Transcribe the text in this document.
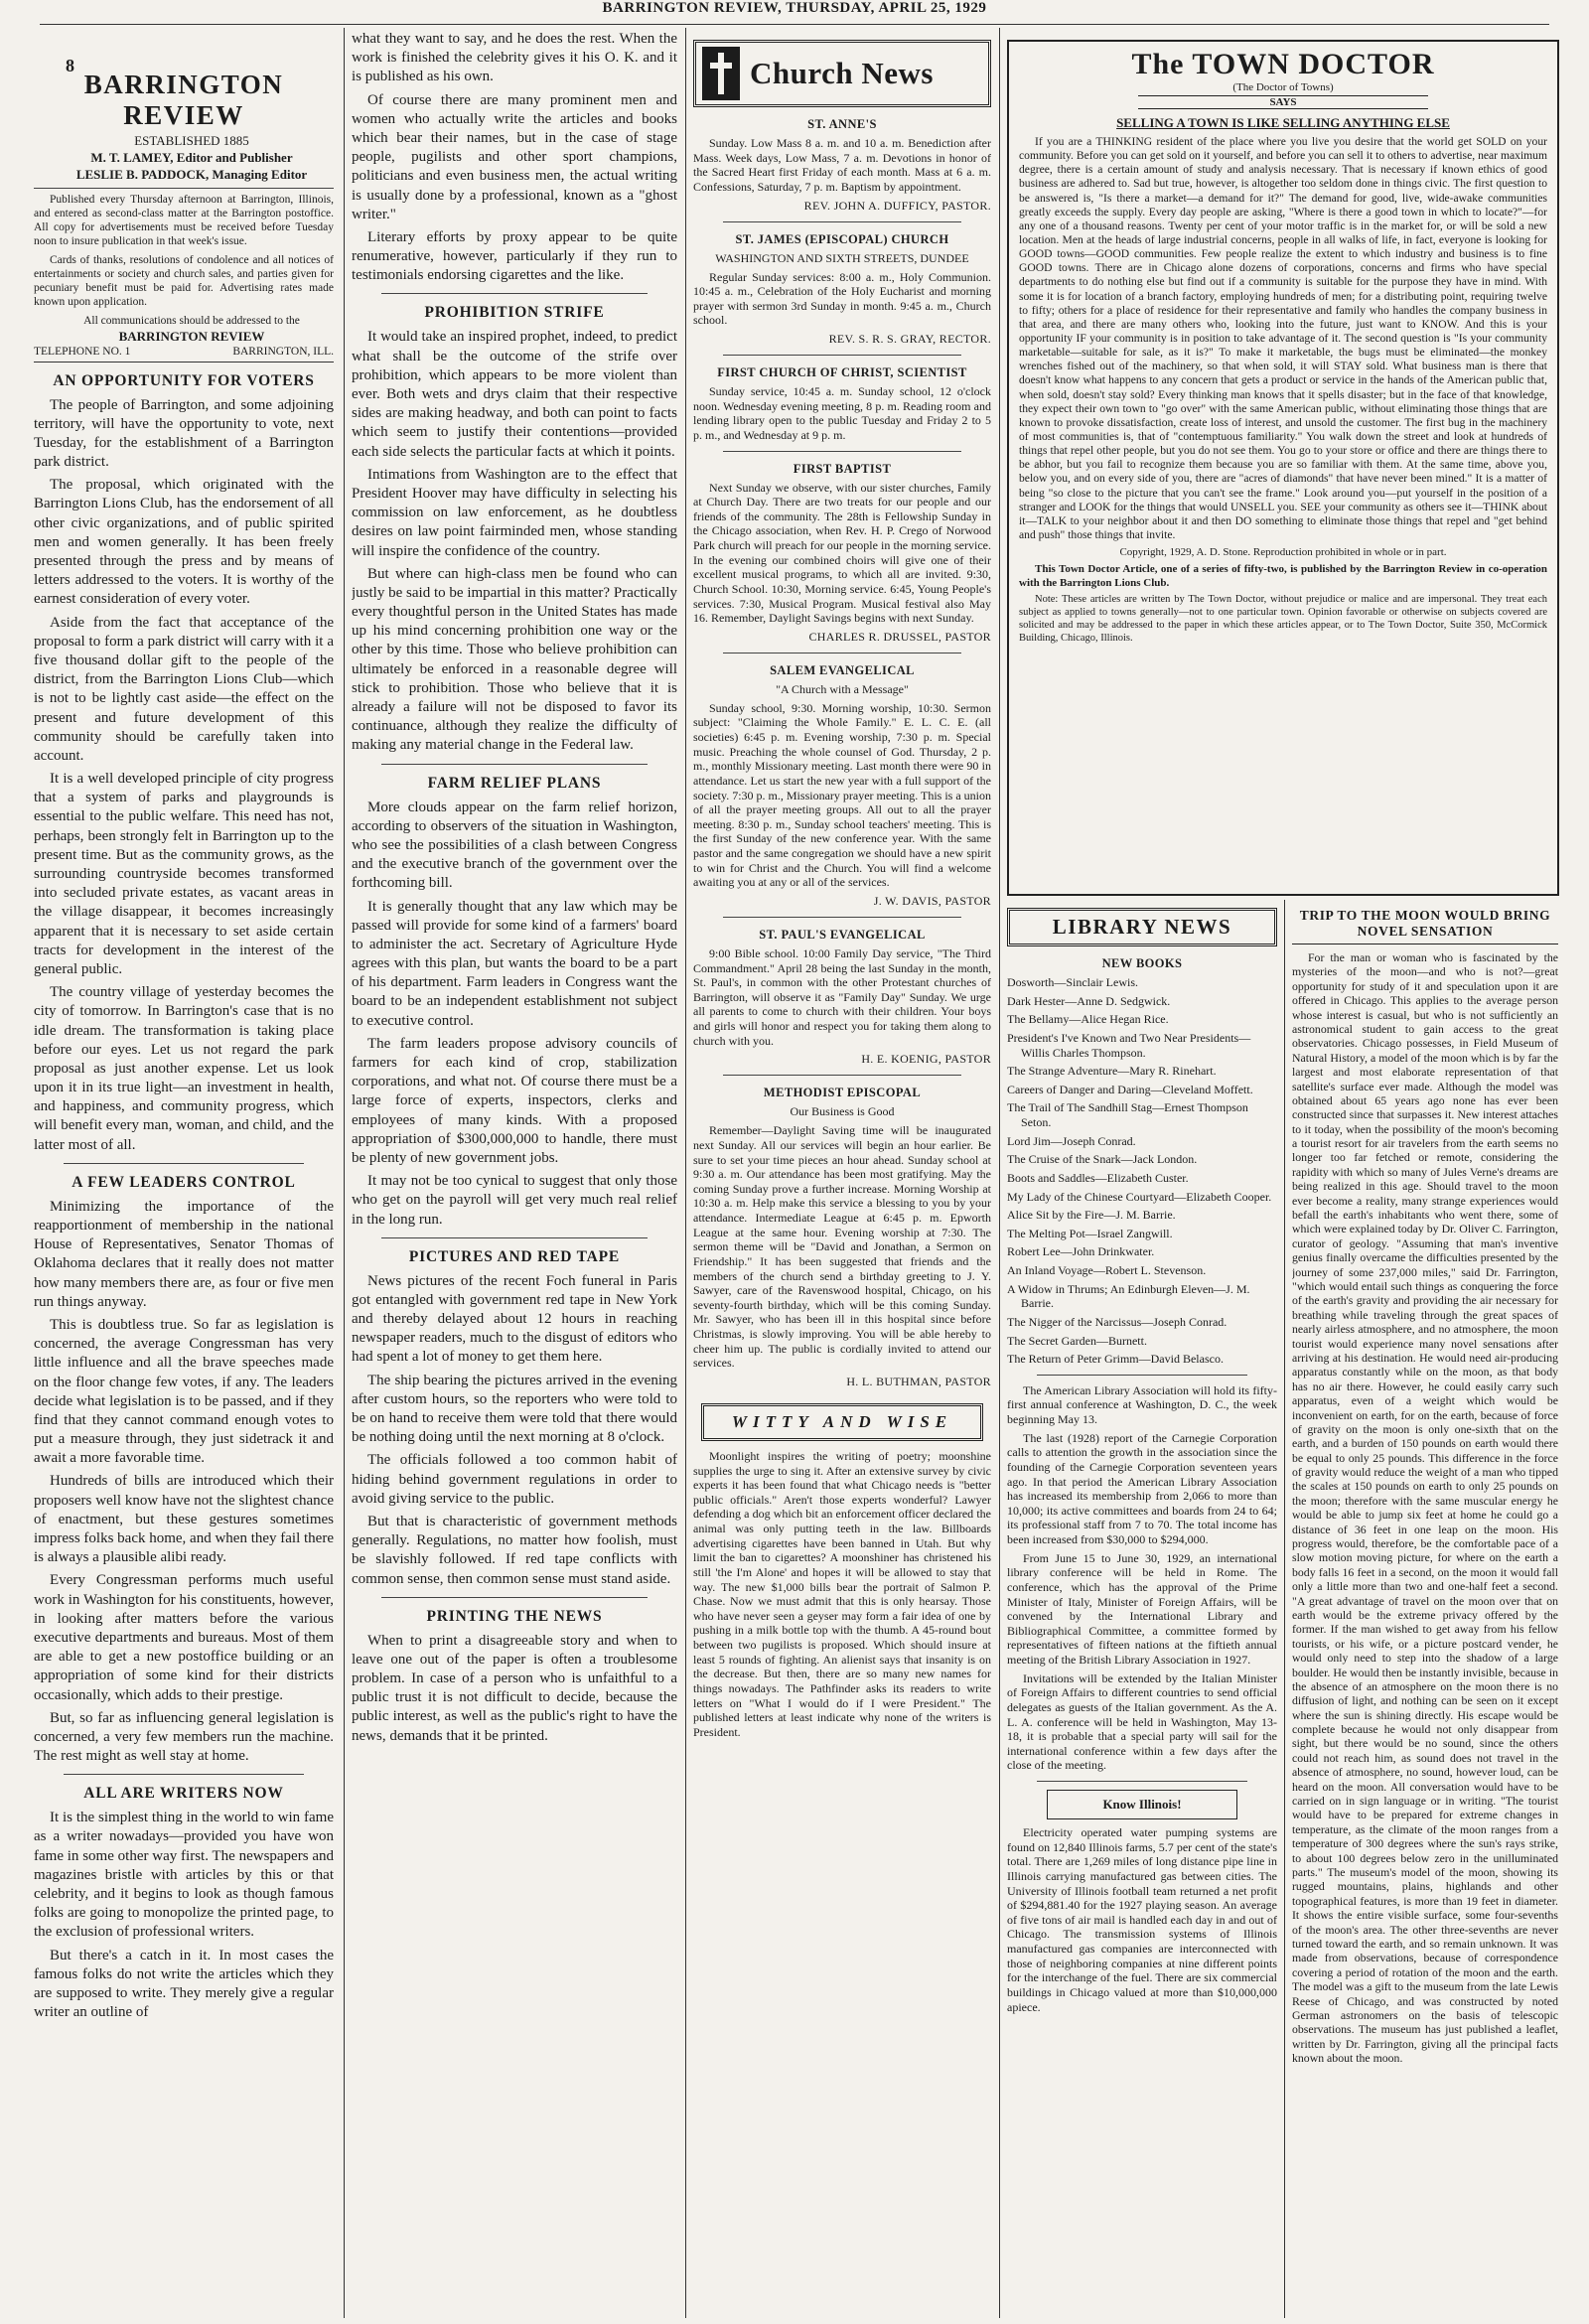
BARRINGTON REVIEW, THURSDAY, APRIL 25, 1929
8
BARRINGTON REVIEW

ESTABLISHED 1885

M. T. LAMEY, Editor and Publisher

LESLIE B. PADDOCK, Managing Editor

Published every Thursday afternoon at Barrington, Illinois, and entered as second-class matter at the Barrington postoffice. All copy for advertisements must be received before Tuesday noon to insure publication in that week's issue.

Cards of thanks, resolutions of condolence and all notices of entertainments or society and church sales, and parties given for pecuniary benefit must be paid for. Advertising rates made known upon application.

All communications should be addressed to the

BARRINGTON REVIEW

TELEPHONE NO. 1	BARRINGTON, ILL.
AN OPPORTUNITY FOR VOTERS

The people of Barrington, and some adjoining territory, will have the opportunity to vote, next Tuesday, for the establishment of a Barrington park district.

The proposal, which originated with the Barrington Lions Club, has the endorsement of all other civic organizations, and of public spirited men and women generally. It has been freely presented through the press and by means of letters addressed to the voters. It is worthy of the earnest consideration of every voter.

Aside from the fact that acceptance of the proposal to form a park district will carry with it a five thousand dollar gift to the people of the district, from the Barrington Lions Club—which is not to be lightly cast aside—the effect on the present and future development of this community should be carefully taken into account.

It is a well developed principle of city progress that a system of parks and playgrounds is essential to the public welfare. This need has not, perhaps, been strongly felt in Barrington up to the present time. But as the community grows, as the surrounding countryside becomes transformed into secluded private estates, as vacant areas in the village disappear, it becomes increasingly apparent that it is necessary to set aside certain tracts for development in the interest of the general public.

The country village of yesterday becomes the city of tomorrow. In Barrington's case that is no idle dream. The transformation is taking place before our eyes. Let us not regard the park proposal as just another expense. Let us look upon it in its true light—an investment in health, and happiness, and community progress, which will benefit every man, woman, and child, and the latter most of all.

A FEW LEADERS CONTROL

Minimizing the importance of the reapportionment of membership in the national House of Representatives, Senator Thomas of Oklahoma declares that it really does not matter how many members there are, as four or five men run things anyway.

This is doubtless true. So far as legislation is concerned, the average Congressman has very little influence and all the brave speeches made on the floor change few votes, if any. The leaders decide what legislation is to be passed, and if they find that they cannot command enough votes to put a measure through, they just sidetrack it and await a more favorable time.

Hundreds of bills are introduced which their proposers well know have not the slightest chance of enactment, but these gestures sometimes impress folks back home, and when they fail there is always a plausible alibi ready.

Every Congressman performs much useful work in Washington for his constituents, however, in looking after matters before the various executive departments and bureaus. Most of them are able to get a new postoffice building or an appropriation of some kind for their districts occasionally, which adds to their prestige.

But, so far as influencing general legislation is concerned, a very few members run the machine. The rest might as well stay at home.

ALL ARE WRITERS NOW

It is the simplest thing in the world to win fame as a writer nowadays—provided you have won fame in some other way first. The newspapers and magazines bristle with articles by this or that celebrity, and it begins to look as though famous folks are going to monopolize the printed page, to the exclusion of professional writers.

But there's a catch in it. In most cases the famous folks do not write the articles which they are supposed to write. They merely give a regular writer an outline of

what they want to say, and he does the rest. When the work is finished the celebrity gives it his O. K. and it is published as his own.

Of course there are many prominent men and women who actually write the articles and books which bear their names, but in the case of stage people, pugilists and other sport champions, politicians and even business men, the actual writing is usually done by a professional, known as a "ghost writer."

Literary efforts by proxy appear to be quite renumerative, however, particularly if they run to testimonials endorsing cigarettes and the like.

PROHIBITION STRIFE

It would take an inspired prophet, indeed, to predict what shall be the outcome of the strife over prohibition, which appears to be more violent than ever. Both wets and drys claim that their respective sides are making headway, and both can point to facts which seem to justify their contentions—provided each side selects the particular facts at which it points.

Intimations from Washington are to the effect that President Hoover may have difficulty in selecting his commission on law enforcement, as he doubtless desires on law point fairminded men, whose standing will inspire the confidence of the country.

But where can high-class men be found who can justly be said to be impartial in this matter? Practically every thoughtful person in the United States has made up his mind concerning prohibition one way or the other by this time. Those who believe prohibition can ultimately be enforced in a reasonable degree will stick to prohibition. Those who believe that it is already a failure will not be disposed to favor its continuance, although they realize the difficulty of making any material change in the Federal law.

FARM RELIEF PLANS

More clouds appear on the farm relief horizon, according to observers of the situation in Washington, who see the possibilities of a clash between Congress and the executive branch of the government over the forthcoming bill.

It is generally thought that any law which may be passed will provide for some kind of a farmers' board to administer the act. Secretary of Agriculture Hyde agrees with this plan, but wants the board to be a part of his department. Farm leaders in Congress want the board to be an independent establishment not subject to executive control.

The farm leaders propose advisory councils of farmers for each kind of crop, stabilization corporations, and what not. Of course there must be a large force of experts, inspectors, clerks and employees of many kinds. With a proposed appropriation of $300,000,000 to handle, there must be plenty of new government jobs.

It may not be too cynical to suggest that only those who get on the payroll will get very much real relief in the long run.

PICTURES AND RED TAPE

News pictures of the recent Foch funeral in Paris got entangled with government red tape in New York and thereby delayed about 12 hours in reaching newspaper readers, much to the disgust of editors who had spent a lot of money to get them here.

The ship bearing the pictures arrived in the evening after custom hours, so the reporters who were told to be on hand to receive them were told that there would be nothing doing until the next morning at 8 o'clock.

The officials followed a too common habit of hiding behind government regulations in order to avoid giving service to the public.

But that is characteristic of government methods generally. Regulations, no matter how foolish, must be slavishly followed. If red tape conflicts with common sense, then common sense must stand aside.

PRINTING THE NEWS

When to print a disagreeable story and when to leave one out of the paper is often a troublesome problem. In case of a person who is unfaithful to a public trust it is not difficult to decide, because the public interest, as well as the public's right to have the news, demands that it be printed.

Church News
ST. ANNE'S

Sunday. Low Mass 8 a. m. and 10 a. m. Benediction after Mass. Week days, Low Mass, 7 a. m. Devotions in honor of the Sacred Heart first Friday of each month. Mass at 6 a. m. Confessions, Saturday, 7 p. m. Baptism by appointment.

REV. JOHN A. DUFFICY, PASTOR.
ST. JAMES (EPISCOPAL) CHURCH
WASHINGTON AND SIXTH STREETS, DUNDEE

Regular Sunday services: 8:00 a. m., Holy Communion. 10:45 a. m., Celebration of the Holy Eucharist and morning prayer with sermon 3rd Sunday in month. 9:45 a. m., Church school.

REV. S. R. S. GRAY, RECTOR.
FIRST CHURCH OF CHRIST, SCIENTIST

Sunday service, 10:45 a. m. Sunday school, 12 o'clock noon. Wednesday evening meeting, 8 p. m. Reading room and lending library open to the public Tuesday and Friday 2 to 5 p. m., and Wednesday at 9 p. m.

FIRST BAPTIST

Next Sunday we observe, with our sister churches, Family at Church Day. There are two treats for our people and our friends of the community. The 28th is Fellowship Sunday in the Chicago association, when Rev. H. P. Crego of Norwood Park church will preach for our people in the morning service. In the evening our combined choirs will give one of their excellent musical programs, to which all are invited. 9:30, Church School. 10:30, Morning service. 6:45, Young People's services. 7:30, Musical Program. Musical festival also May 16. Remember, Daylight Savings begins with next Sunday.

CHARLES R. DRUSSEL, PASTOR
SALEM EVANGELICAL
"A Church with a Message"

Sunday school, 9:30. Morning worship, 10:30. Sermon subject: "Claiming the Whole Family." E. L. C. E. (all societies) 6:45 p. m. Evening worship, 7:30 p. m. Special music. Preaching the whole counsel of God. Thursday, 2 p. m., monthly Missionary meeting. Last month there were 90 in attendance. Let us start the new year with a full support of the society. 7:30 p. m., Missionary prayer meeting. This is a union of all the prayer meeting groups. All out to all the prayer meeting. 8:30 p. m., Sunday school teachers' meeting. This is the first Sunday of the new conference year. With the same pastor and the same congregation we should have a new spirit to win for Christ and the Church. You will find a welcome awaiting you at any or all of the services.

J. W. DAVIS, PASTOR
ST. PAUL'S EVANGELICAL

9:00 Bible school. 10:00 Family Day service, "The Third Commandment." April 28 being the last Sunday in the month, St. Paul's, in common with the other Protestant churches of Barrington, will observe it as "Family Day" Sunday. We urge all parents to come to church with their children. Your boys and girls will honor and respect you for taking them along to church with you.

H. E. KOENIG, PASTOR
METHODIST EPISCOPAL
Our Business is Good

Remember—Daylight Saving time will be inaugurated next Sunday. All our services will begin an hour earlier. Be sure to set your time pieces an hour ahead. Sunday school at 9:30 a. m. Our attendance has been most gratifying. May the coming Sunday prove a further increase. Morning Worship at 10:30 a. m. Help make this service a blessing to you by your attendance. Intermediate League at 6:45 p. m. Epworth League at the same hour. Evening worship at 7:30. The sermon theme will be "David and Jonathan, a Sermon on Friendship." It has been suggested that friends and the members of the church send a birthday greeting to J. Y. Sawyer, care of the Ravenswood hospital, Chicago, on his seventy-fourth birthday, which will be this coming Sunday. Mr. Sawyer, who has been ill in this hospital since before Christmas, is slowly improving. You will be able hereby to cheer him up. The public is cordially invited to attend our services.

H. L. BUTHMAN, PASTOR
WITTY AND WISE

Moonlight inspires the writing of poetry; moonshine supplies the urge to sing it. After an extensive survey by civic experts it has been found that what Chicago needs is "better public officials." Aren't those experts wonderful? Lawyer defending a dog which bit an enforcement officer declared the animal was only putting teeth in the law. Billboards advertising cigarettes have been banned in Utah. But why limit the ban to cigarettes? A moonshiner has christened his still 'the I'm Alone' and hopes it will be allowed to stay that way. The new $1,000 bills bear the portrait of Salmon P. Chase. Now we must admit that this is only hearsay. Those who have never seen a geyser may form a fair idea of one by pushing in a milk bottle top with the thumb. A 45-round bout between two pugilists is proposed. Which should insure at least 5 rounds of fighting. An alienist says that insanity is on the decrease. But then, there are so many new names for things nowadays. The Pathfinder asks its readers to write letters on "What I would do if I were President." The published letters at least indicate why none of the writers is President.

The TOWN DOCTOR
(The Doctor of Towns)
SAYS
SELLING A TOWN IS LIKE SELLING ANYTHING ELSE

If you are a THINKING resident of the place where you live you desire that the world get SOLD on your community. Before you can get sold on it yourself, and before you can sell it to others to advertise, near maximum degree, there is a certain amount of study and analysis necessary. That is necessary if known ethics of good business are adhered to. Sad but true, however, is altogether too seldom done in things civic. The first question to be answered is, "Is there a market—a demand for it?" The demand for good, live, wide-awake communities greatly exceeds the supply. Every day people are asking, "Where is there a good town in which to locate?"—for any one of a thousand reasons. Twenty per cent of your motor traffic is in the market for, or will be sold a new location. Men at the heads of large industrial concerns, people in all walks of life, in fact, everyone is looking for GOOD towns—GOOD communities. Few people realize the extent to which industry and business is to fine GOOD towns. There are in Chicago alone dozens of corporations, concerns and firms who have special departments to do nothing else but find out if a community is suitable for the purpose they have in mind. With some it is for location of a branch factory, employing hundreds of men; for a distributing point, requiring twelve to fifty; others for a place of residence for their representative and family who handles the company business in that area, and there are many others who, looking into the future, just want to KNOW. And this is your opportunity IF your community is in position to take advantage of it. The second question is "Is your community marketable—suitable for sale, as it is?" To make it marketable, the bugs must be eliminated—the monkey wrenches fished out of the machinery, so that when sold, it will STAY sold. What business man is there that doesn't know what happens to any concern that gets a product or service in the hands of the American public that, when sold, doesn't stay sold? Every thinking man knows that it spells disaster; but in the face of that knowledge, they expect their own town to "go over" with the same American public, without eliminating those things that are known to provoke dissatisfaction, create loss of interest, and unsold the customer. The first bug in the machinery of most communities is, that of "contemptuous familiarity." You walk down the street and look at hundreds of things that repel other people, but you do not see them. You go to your store or office and there are things there to be abhor, but you fail to recognize them because you are so familiar with them. At the same time, above you, below you, and on every side of you, there are "acres of diamonds" that have never been mined." It is a matter of being "so close to the picture that you can't see the frame." Look around you—put yourself in the position of a stranger and LOOK for the things that would UNSELL you. SEE your community as others see it—THINK about it—TALK to your neighbor about it and then DO something to eliminate those things that repel and "get behind and push" those things that invite.

Copyright, 1929, A. D. Stone. Reproduction prohibited in whole or in part.

This Town Doctor Article, one of a series of fifty-two, is published by the Barrington Review in co-operation with the Barrington Lions Club.

Note: These articles are written by The Town Doctor, without prejudice or malice and are impersonal. They treat each subject as applied to towns generally—not to one particular town. Opinion favorable or otherwise on subjects covered are solicited and may be addressed to the paper in which these articles appear, or to The Town Doctor, Suite 350, McCormick Building, Chicago, Illinois.

LIBRARY NEWS
NEW BOOKS

Dosworth—Sinclair Lewis.

Dark Hester—Anne D. Sedgwick.

The Bellamy—Alice Hegan Rice.

President's I've Known and Two Near Presidents—Willis Charles Thompson.

The Strange Adventure—Mary R. Rinehart.

Careers of Danger and Daring—Cleveland Moffett.

The Trail of The Sandhill Stag—Ernest Thompson Seton.

Lord Jim—Joseph Conrad.

The Cruise of the Snark—Jack London.

Boots and Saddles—Elizabeth Custer.

My Lady of the Chinese Courtyard—Elizabeth Cooper.

Alice Sit by the Fire—J. M. Barrie.

The Melting Pot—Israel Zangwill.

Robert Lee—John Drinkwater.

An Inland Voyage—Robert L. Stevenson.

A Widow in Thrums; An Edinburgh Eleven—J. M. Barrie.

The Nigger of the Narcissus—Joseph Conrad.

The Secret Garden—Burnett.

The Return of Peter Grimm—David Belasco.

The American Library Association will hold its fifty-first annual conference at Washington, D. C., the week beginning May 13.

The last (1928) report of the Carnegie Corporation calls to attention the growth in the association since the founding of the Carnegie Corporation seventeen years ago. In that period the American Library Association has increased its membership from 2,066 to more than 10,000; its active committees and boards from 24 to 64; its professional staff from 7 to 70. The total income has been increased from $30,000 to $294,000.

From June 15 to June 30, 1929, an international library conference will be held in Rome. The conference, which has the approval of the Prime Minister of Italy, Minister of Foreign Affairs, will be convened by the International Library and Bibliographical Committee, a committee formed by representatives of fifteen nations at the fiftieth annual meeting of the British Library Association in 1927.

Invitations will be extended by the Italian Minister of Foreign Affairs to different countries to send official delegates as guests of the Italian government. As the A. L. A. conference will be held in Washington, May 13-18, it is probable that a special party will sail for the international conference within a few days after the close of the meeting.

Know Illinois!

Electricity operated water pumping systems are found on 12,840 Illinois farms, 5.7 per cent of the state's total. There are 1,269 miles of long distance pipe line in Illinois carrying manufactured gas between cities. The University of Illinois football team returned a net profit of $294,881.40 for the 1927 playing season. An average of five tons of air mail is handled each day in and out of Chicago. The transmission systems of Illinois manufactured gas companies are interconnected with those of neighboring companies at nine different points for the interchange of the fuel. There are six commercial buildings in Chicago valued at more than $10,000,000 apiece.

TRIP TO THE MOON WOULD BRING NOVEL SENSATION

For the man or woman who is fascinated by the mysteries of the moon—and who is not?—great opportunity for study of it and speculation upon it are offered in Chicago. This applies to the average person whose interest is casual, but who is not sufficiently an astronomical student to gain access to the great observatories. Chicago possesses, in Field Museum of Natural History, a model of the moon which is by far the largest and most elaborate representation of that satellite's surface ever made. Although the model was obtained about 65 years ago none has ever been constructed since that surpasses it. New interest attaches to it today, when the possibility of the moon's becoming a tourist resort for air travelers from the earth seems no longer too far fetched or remote, considering the rapidity with which so many of Jules Verne's dreams are being realized in this age. Should travel to the moon ever become a reality, many strange experiences would befall the earth's inhabitants who went there, some of which were explained today by Dr. Oliver C. Farrington, curator of geology. "Assuming that man's inventive genius finally overcame the difficulties presented by the journey of some 237,000 miles," said Dr. Farrington, "which would entail such things as conquering the force of the earth's gravity and providing the air necessary for breathing while traveling through the great spaces of nearly airless atmosphere, and no atmosphere, the moon tourist would experience many novel sensations after arriving at his destination. He would need air-producing apparatus constantly while on the moon, as that body has no air there. However, he could easily carry such apparatus, even of a weight which would be inconvenient on earth, for on the earth, because of force of gravity on the moon is only one-sixth that on the earth, and a burden of 150 pounds on earth would there be equal to only 25 pounds. This difference in the force of gravity would reduce the weight of a man who tipped the scales at 150 pounds on earth to only 25 pounds on the moon; therefore with the same muscular energy he would be able to jump six feet at home he could go a distance of 36 feet in one leap on the moon. His progress would, therefore, be the comfortable pace of a slow motion moving picture, for where on the earth a body falls 16 feet in a second, on the moon it would fall only a little more than two and one-half feet a second. "A great advantage of travel on the moon over that on earth would be the extreme privacy offered by the former. If the man wished to get away from his fellow tourists, or his wife, or a picture postcard vender, he would only need to step into the shadow of a large boulder. He would then be instantly invisible, because in the absence of an atmosphere on the moon there is no diffusion of light, and nothing can be seen on it except where the sun is shining directly. His escape would be complete because he would not only disappear from sight, but there would be no sound, since the others could not reach him, as sound does not travel in the absence of atmosphere, no sound, however loud, can be heard on the moon. All conversation would have to be carried on in sign language or in writing. "The tourist would have to be prepared for extreme changes in temperature, as the climate of the moon ranges from a temperature of 300 degrees where the sun's rays strike, to about 100 degrees below zero in the unilluminated parts." The museum's model of the moon, showing its rugged mountains, plains, highlands and other topographical features, is more than 19 feet in diameter. It shows the entire visible surface, some four-sevenths of the moon's area. The other three-sevenths are never turned toward the earth, and so remain unknown. It was made from observations, because of correspondence covering a period of rotation of the moon and the earth. The model was a gift to the museum from the late Lewis Reese of Chicago, and was constructed by noted German astronomers on the basis of telescopic observations. The museum has just published a leaflet, written by Dr. Farrington, giving all the principal facts known about the moon.
